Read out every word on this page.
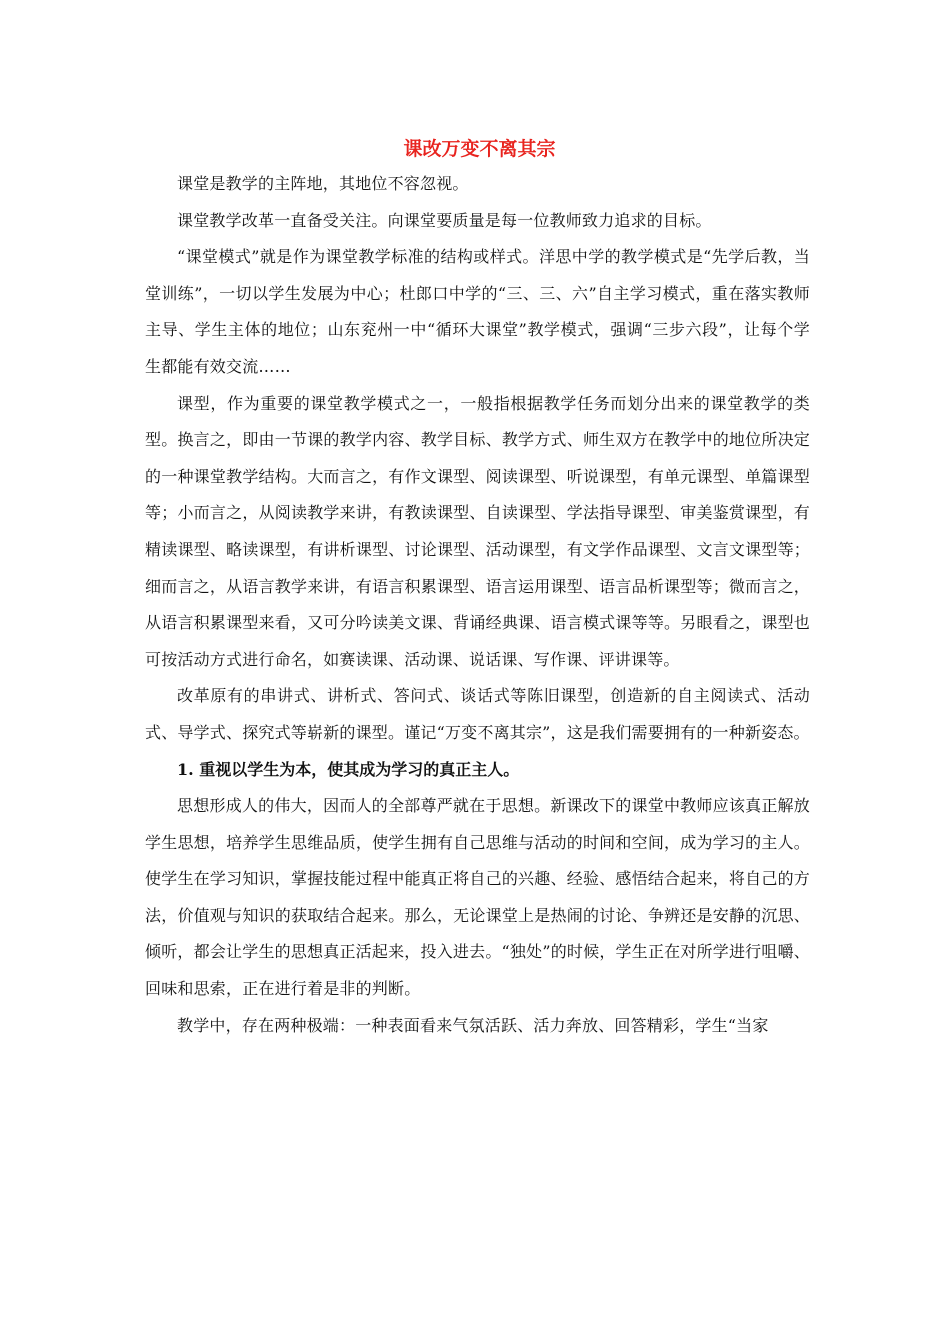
课改万变不离其宗

课堂是教学的主阵地，其地位不容忽视。

课堂教学改革一直备受关注。向课堂要质量是每一位教师致力追求的目标。

“课堂模式”就是作为课堂教学标准的结构或样式。洋思中学的教学模式是“先学后教，当堂训练”，一切以学生发展为中心；杜郎口中学的“三、三、六”自主学习模式，重在落实教师主导、学生主体的地位；山东兖州一中“循环大课堂”教学模式，强调“三步六段”，让每个学生都能有效交流……

课型，作为重要的课堂教学模式之一，一般指根据教学任务而划分出来的课堂教学的类型。换言之，即由一节课的教学内容、教学目标、教学方式、师生双方在教学中的地位所决定的一种课堂教学结构。大而言之，有作文课型、阅读课型、听说课型，有单元课型、单篇课型等；小而言之，从阅读教学来讲，有教读课型、自读课型、学法指导课型、审美鉴赏课型，有精读课型、略读课型，有讲析课型、讨论课型、活动课型，有文学作品课型、文言文课型等；细而言之，从语言教学来讲，有语言积累课型、语言运用课型、语言品析课型等；微而言之，从语言积累课型来看，又可分吟读美文课、背诵经典课、语言模式课等等。另眼看之，课型也可按活动方式进行命名，如赛读课、活动课、说话课、写作课、评讲课等。

改革原有的串讲式、讲析式、答问式、谈话式等陈旧课型，创造新的自主阅读式、活动式、导学式、探究式等崭新的课型。谨记“万变不离其宗”，这是我们需要拥有的一种新姿态。

1. 重视以学生为本，使其成为学习的真正主人。

思想形成人的伟大，因而人的全部尊严就在于思想。新课改下的课堂中教师应该真正解放学生思想，培养学生思维品质，使学生拥有自己思维与活动的时间和空间，成为学习的主人。使学生在学习知识，掌握技能过程中能真正将自己的兴趣、经验、感悟结合起来，将自己的方法，价值观与知识的获取结合起来。那么，无论课堂上是热闹的讨论、争辨还是安静的沉思、倾听，都会让学生的思想真正活起来，投入进去。“独处”的时候，学生正在对所学进行咀嚼、回味和思索，正在进行着是非的判断。

教学中，存在两种极端：一种表面看来气氛活跃、活力奔放、回答精彩，学生“当家
